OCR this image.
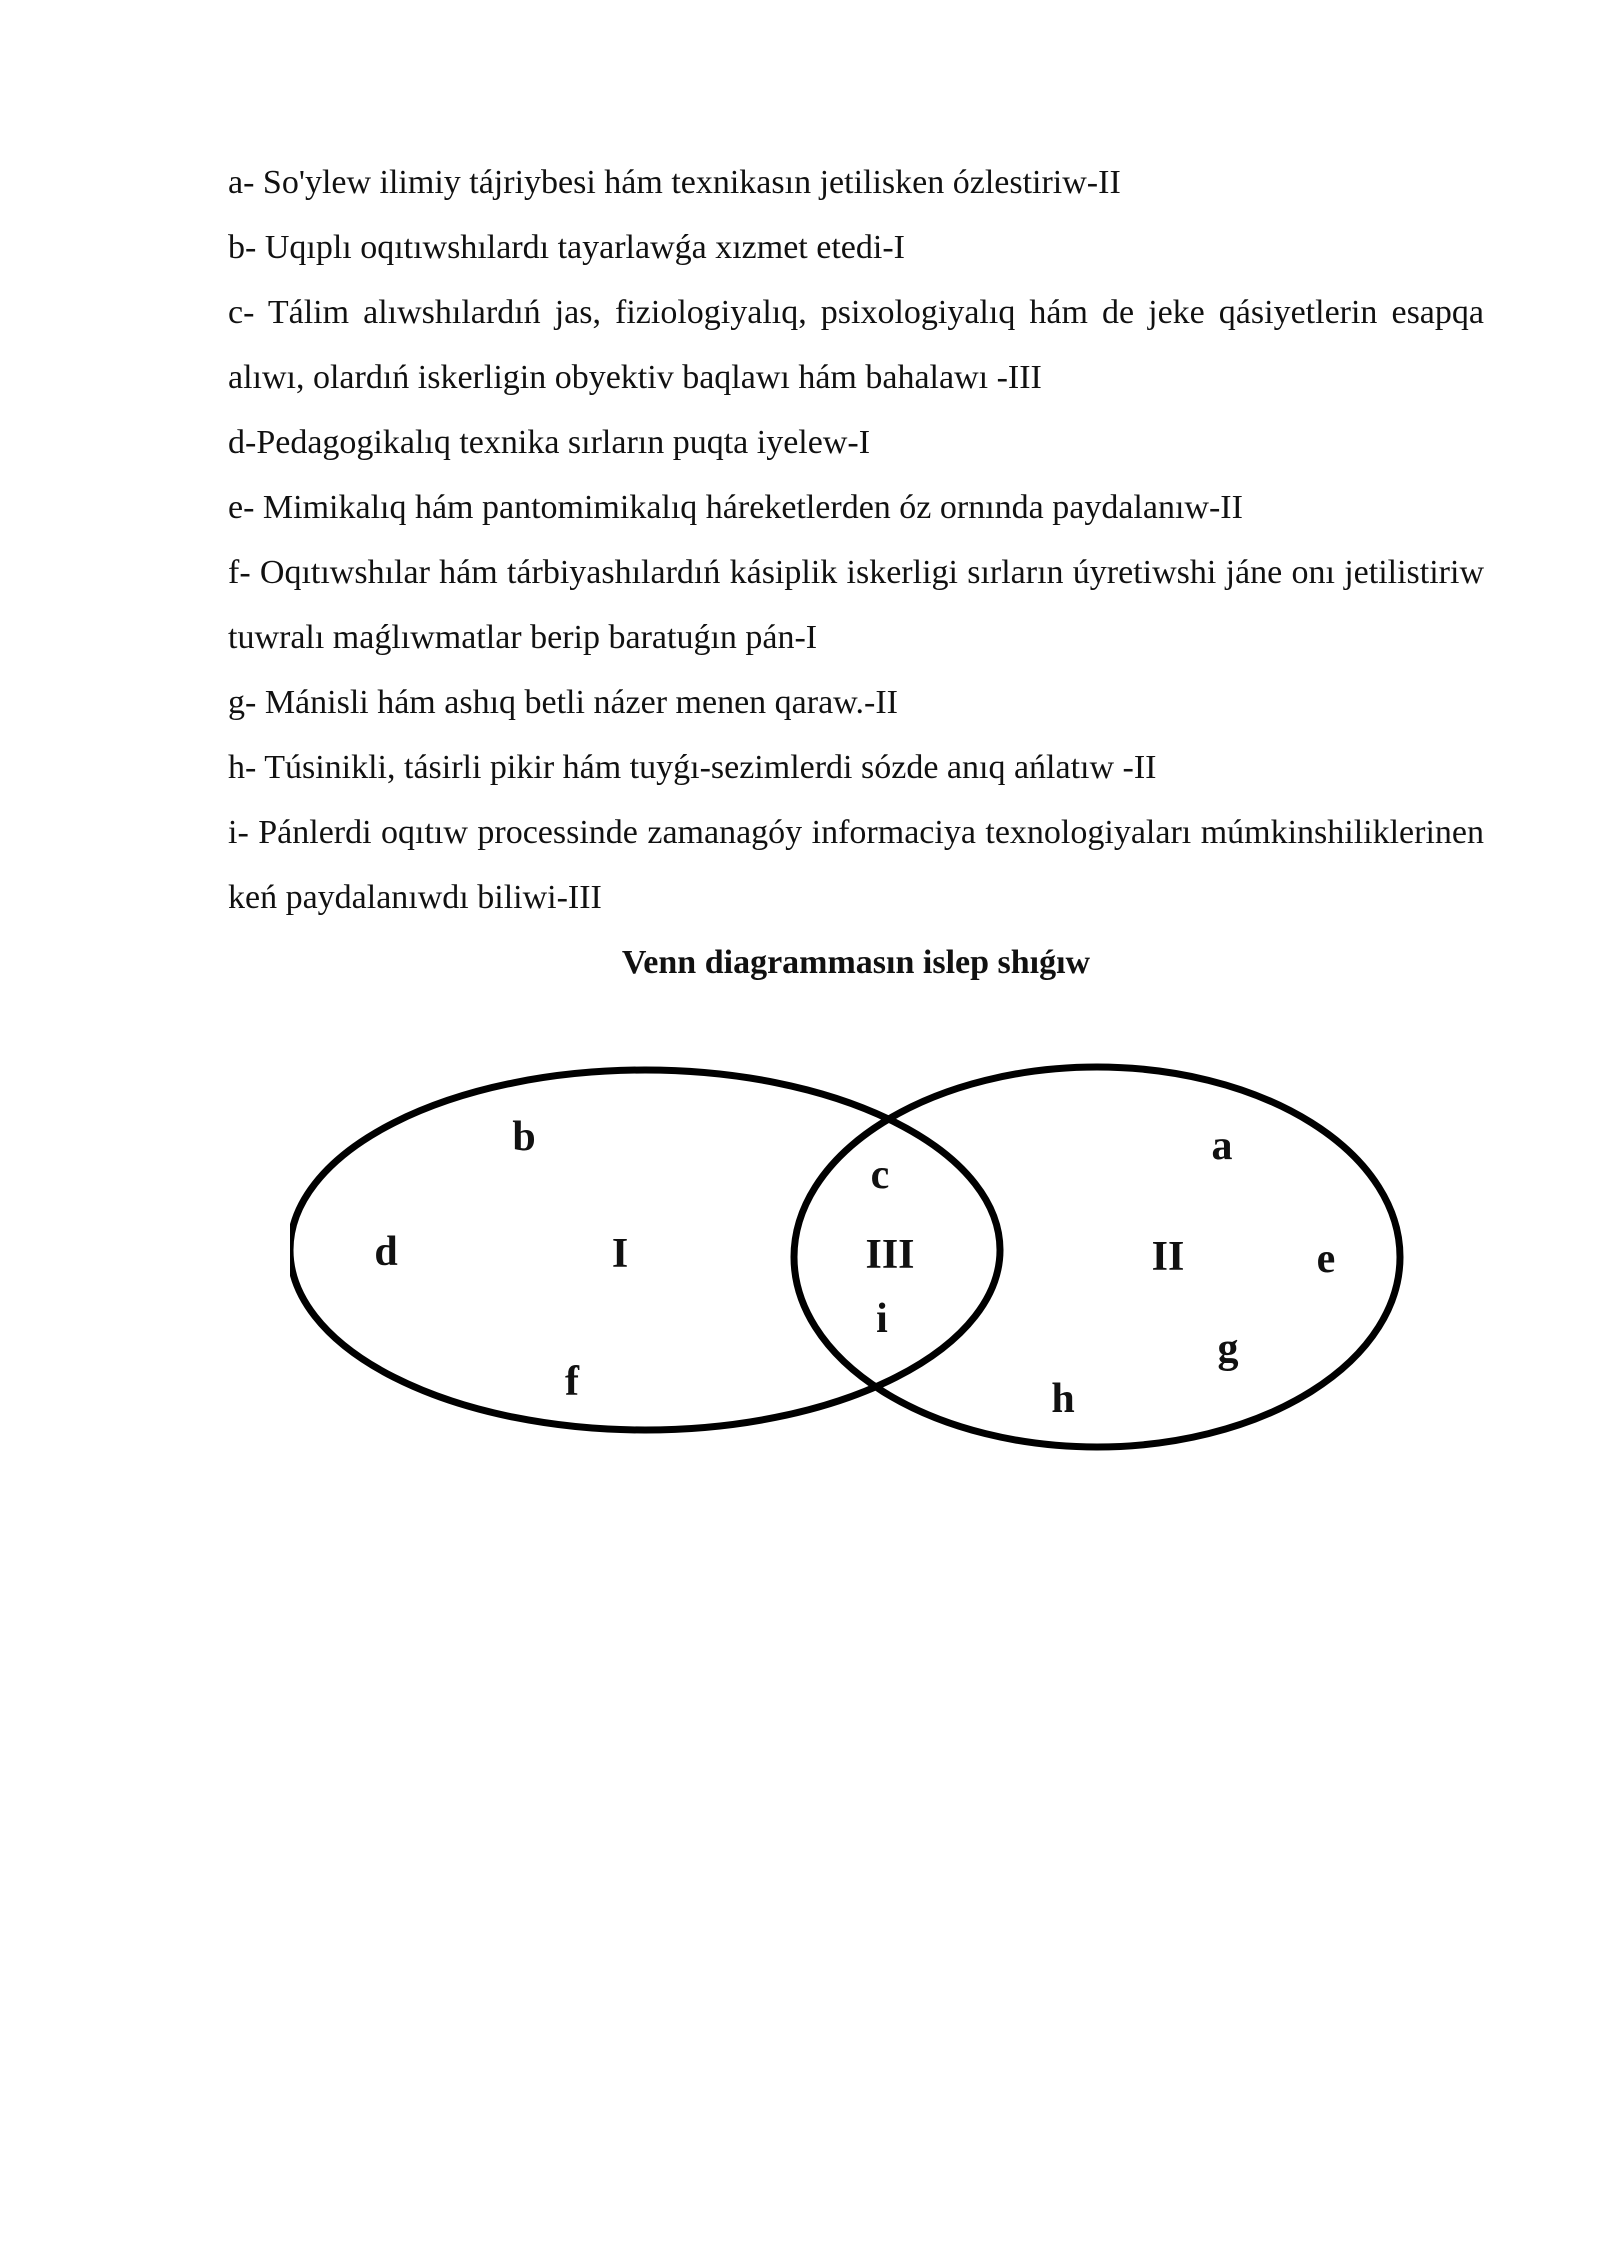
a- So'ylew ilimiy tájriybesi hám texnikasın jetilisken ózlestiriw-II

b- Uqıplı oqıtıwshılardı tayarlawǵa xızmet etedi-I

c- Tálim alıwshılardıń jas, fiziologiyalıq, psixologiyalıq hám de jeke qásiyetlerin esapqa alıwı, olardıń iskerligin obyektiv baqlawı hám bahalawı -III

d-Pedagogikalıq texnika sırların puqta iyelew-I

e- Mimikalıq hám pantomimikalıq háreketlerden óz ornında paydalanıw-II

f- Oqıtıwshılar hám tárbiyashılardıń kásiplik iskerligi sırların úyretiwshi jáne onı jetilistiriw tuwralı maǵlıwmatlar berip baratuǵın pán-I

g- Mánisli hám ashıq betli názer menen qaraw.-II

h- Túsinikli, tásirli pikir hám tuyǵı-sezimlerdi sózde anıq ańlatıw -II

i- Pánlerdi oqıtıw processinde zamanagóy informaciya texnologiyaları múmkinshiliklerinen keń paydalanıwdı biliwi-III

Venn diagrammasın islep shıǵıw

I	III	II
b
d
f
c
i
a
e
g
h
